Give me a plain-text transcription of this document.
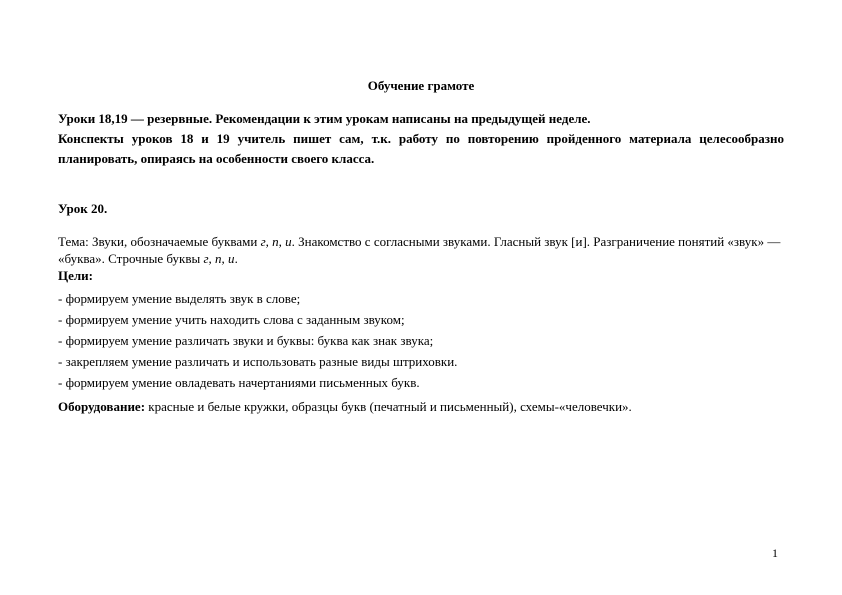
Обучение грамоте

Уроки 18,19 — резервные. Рекомендации к этим урокам написаны на предыдущей неделе.

Конспекты уроков 18 и 19 учитель пишет сам, т.к. работу по повторению пройденного материала целесообразно планировать, опираясь на особенности своего класса.

Урок 20.

Тема: Звуки, обозначаемые буквами г, п, и. Знакомство с согласными звуками. Гласный звук [и]. Разграничение понятий «звук» — «буква». Строчные буквы г, п, и.

Цели:

- формируем умение выделять звук в слове;
- формируем умение учить находить слова с заданным звуком;
- формируем умение различать звуки и буквы: буква как знак звука;
- закрепляем умение различать и использовать разные виды штриховки.
- формируем умение овладевать начертаниями письменных букв.
Оборудование: красные и белые кружки, образцы букв (печатный и письменный), схемы-«человечки».
1
